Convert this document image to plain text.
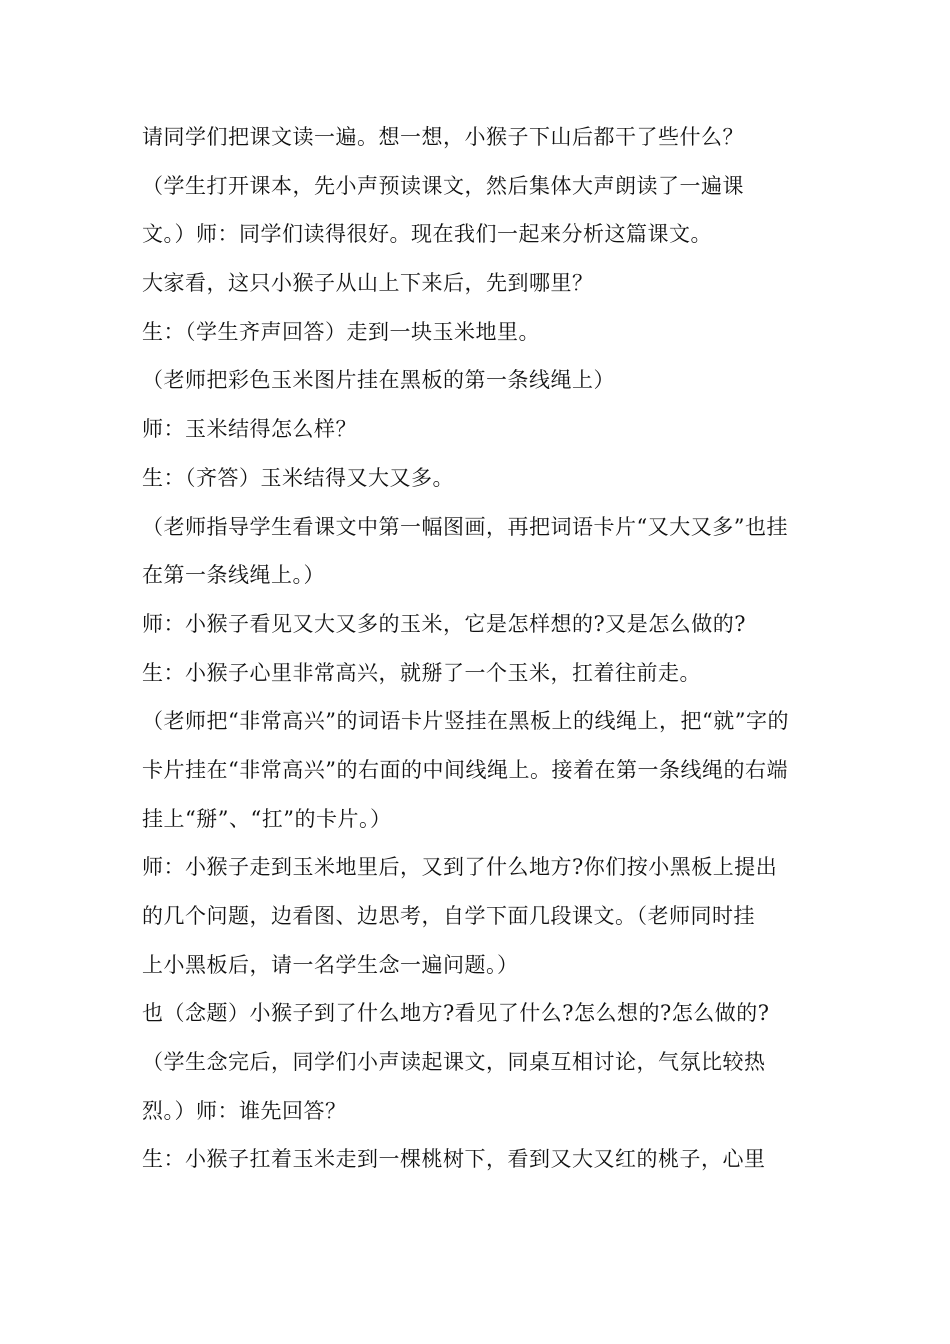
请同学们把课文读一遍。想一想，小猴子下山后都干了些什么？
（学生打开课本，先小声预读课文，然后集体大声朗读了一遍课
文。）师：同学们读得很好。现在我们一起来分析这篇课文。
大家看，这只小猴子从山上下来后，先到哪里？
生：（学生齐声回答）走到一块玉米地里。
（老师把彩色玉米图片挂在黑板的第一条线绳上）
师：玉米结得怎么样？
生：（齐答）玉米结得又大又多。
（老师指导学生看课文中第一幅图画，再把词语卡片“又大又多”也挂
在第一条线绳上。）
师：小猴子看见又大又多的玉米，它是怎样想的?又是怎么做的?
生：小猴子心里非常高兴，就掰了一个玉米，扛着往前走。
（老师把“非常高兴”的词语卡片竖挂在黑板上的线绳上，把“就”字的
卡片挂在“非常高兴”的右面的中间线绳上。接着在第一条线绳的右端
挂上“掰”、“扛”的卡片。）
师：小猴子走到玉米地里后，又到了什么地方?你们按小黑板上提出
的几个问题，边看图、边思考，自学下面几段课文。（老师同时挂
上小黑板后，请一名学生念一遍问题。）
也（念题）小猴子到了什么地方?看见了什么?怎么想的?怎么做的?
（学生念完后，同学们小声读起课文，同桌互相讨论，气氛比较热
烈。）师：谁先回答？
生：小猴子扛着玉米走到一棵桃树下，看到又大又红的桃子，心里
